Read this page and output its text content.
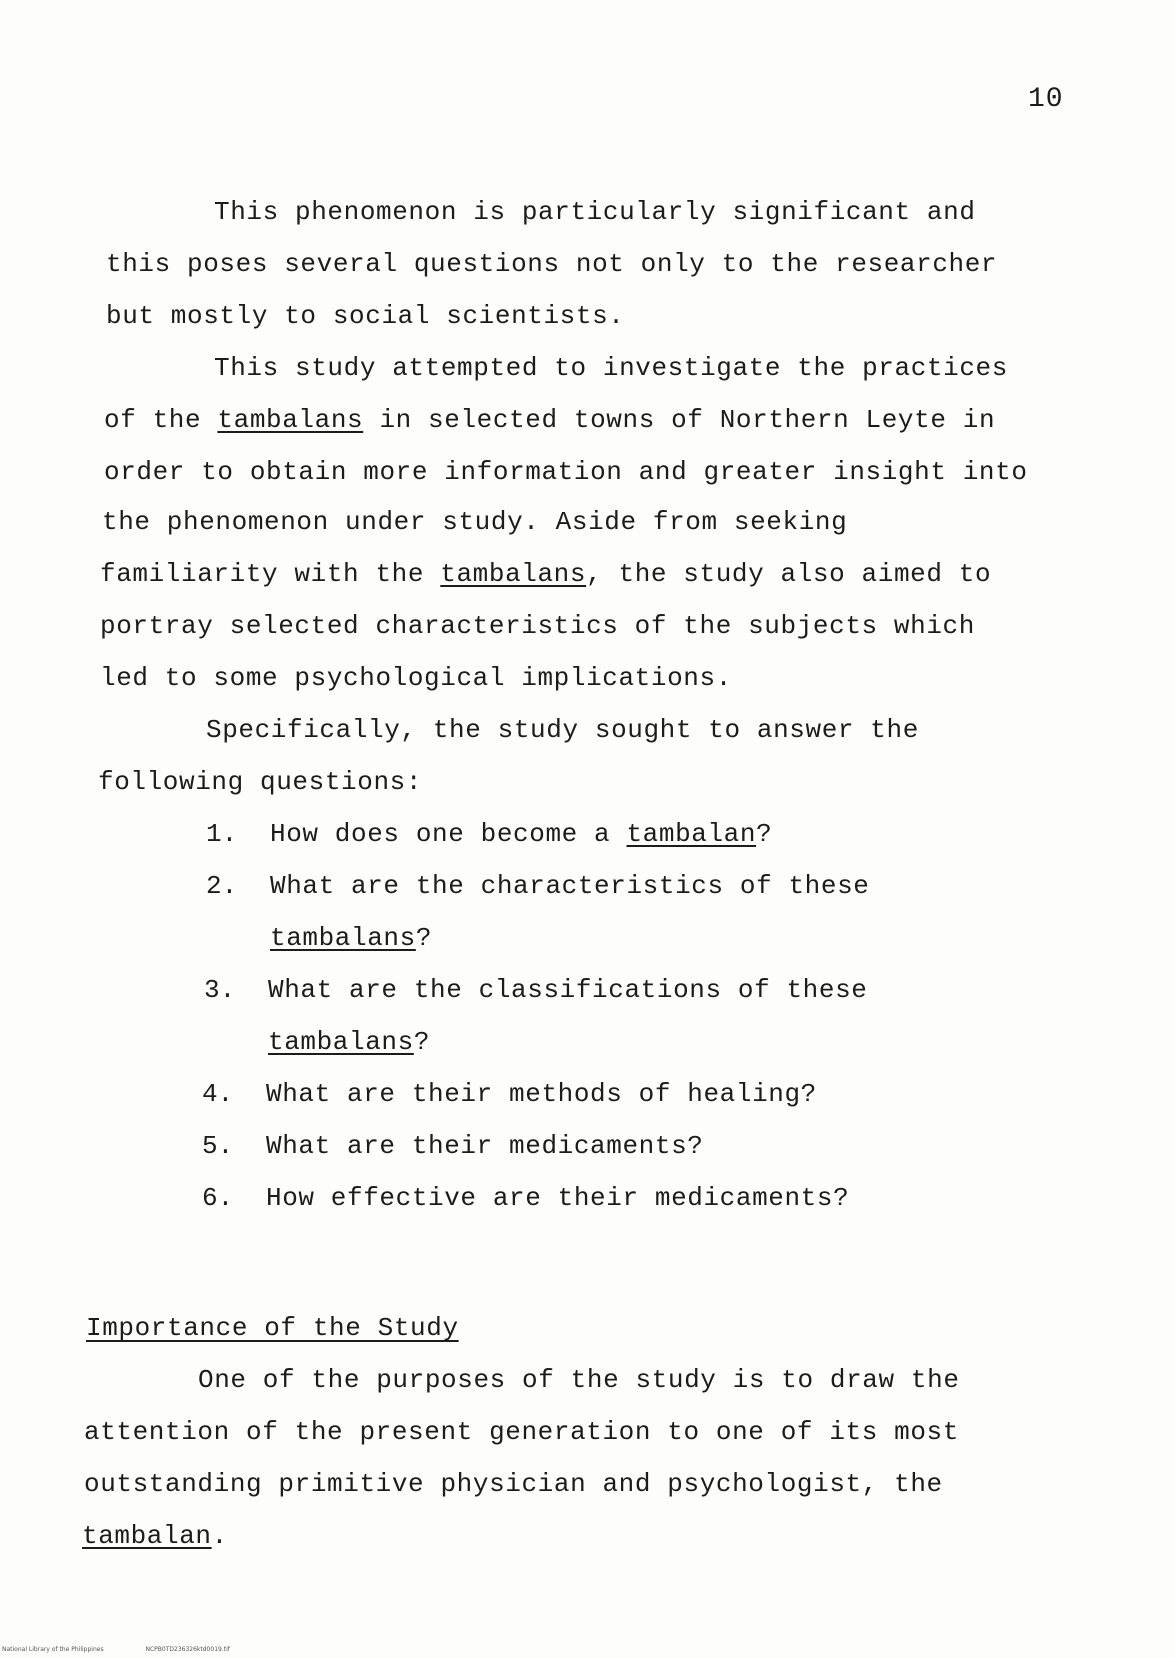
10
This phenomenon is particularly significant and
this poses several questions not only to the researcher
but mostly to social scientists.
This study attempted to investigate the practices
of the tambalans in selected towns of Northern Leyte in
order to obtain more information and greater insight into
the phenomenon under study. Aside from seeking
familiarity with the tambalans, the study also aimed to
portray selected characteristics of the subjects which
led to some psychological implications.
Specifically, the study sought to answer the
following questions:
1. How does one become a tambalan?
2. What are the characteristics of these
tambalans?
3. What are the classifications of these
tambalans?
4. What are their methods of healing?
5. What are their medicaments?
6. How effective are their medicaments?
Importance of the Study
One of the purposes of the study is to draw the
attention of the present generation to one of its most
outstanding primitive physician and psychologist, the
tambalan.
National Library of the Philippines	NCPB0TD236326ktd0019.tif
